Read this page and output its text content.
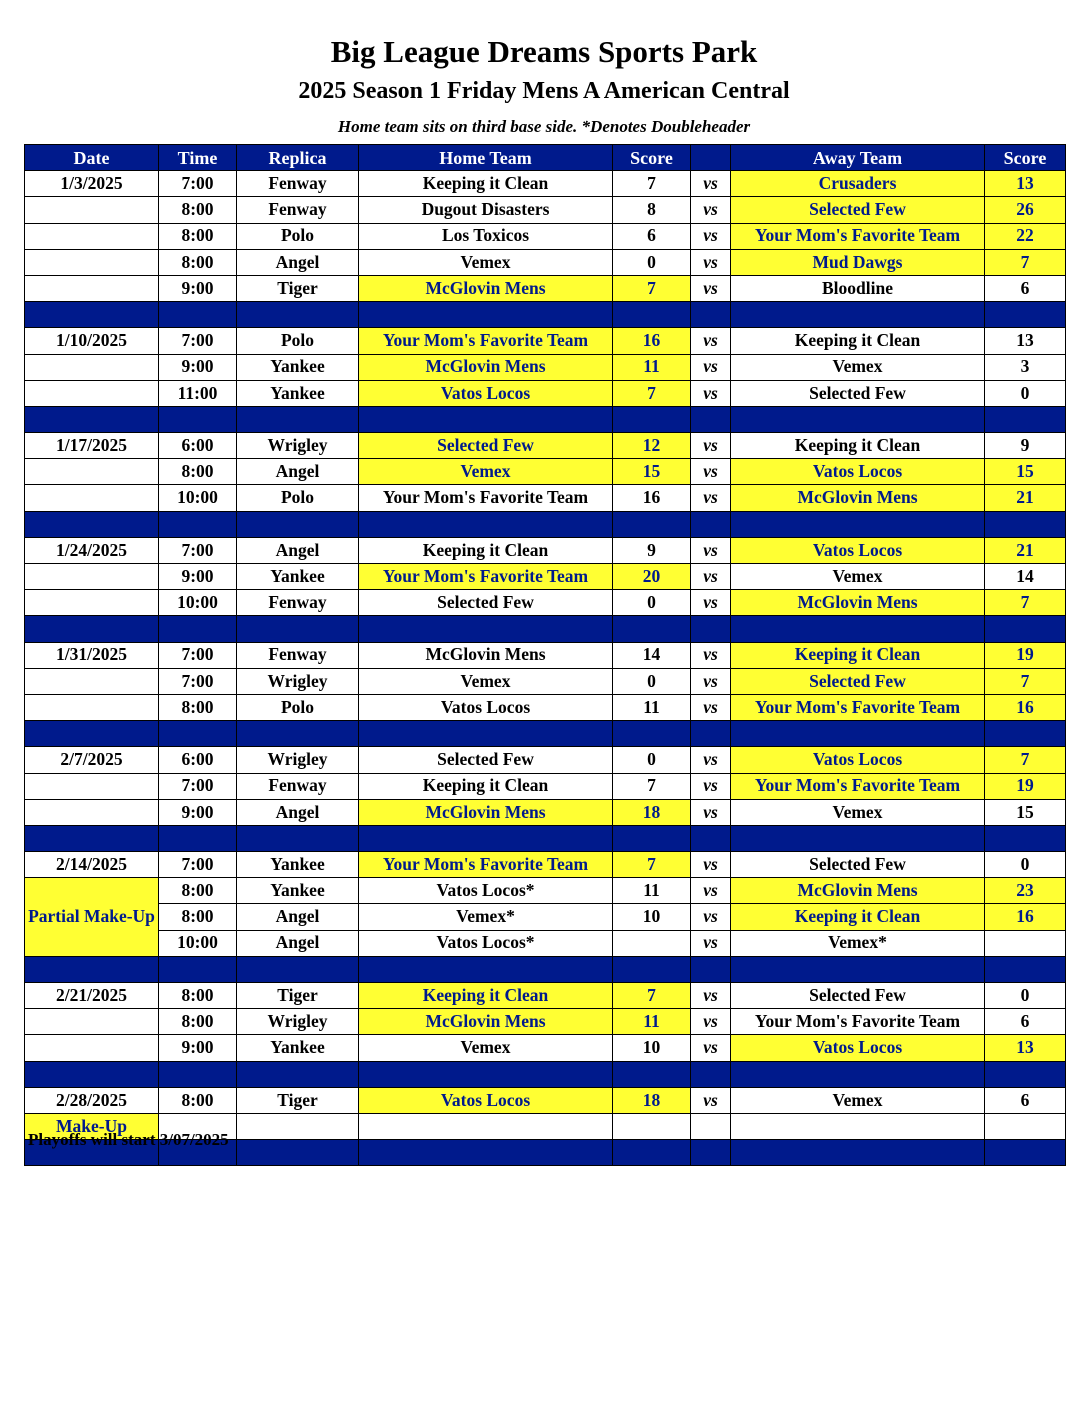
Big League Dreams Sports Park
2025 Season 1 Friday Mens A American Central
Home team sits on third base side. *Denotes Doubleheader
Date	Time	Replica	Home Team	Score		Away Team	Score
1/3/2025	7:00	Fenway	Keeping it Clean	7	vs	Crusaders	13
	8:00	Fenway	Dugout Disasters	8	vs	Selected Few	26
	8:00	Polo	Los Toxicos	6	vs	Your Mom's Favorite Team	22
	8:00	Angel	Vemex	0	vs	Mud Dawgs	7
	9:00	Tiger	McGlovin Mens	7	vs	Bloodline	6

1/10/2025	7:00	Polo	Your Mom's Favorite Team	16	vs	Keeping it Clean	13
	9:00	Yankee	McGlovin Mens	11	vs	Vemex	3
	11:00	Yankee	Vatos Locos	7	vs	Selected Few	0

1/17/2025	6:00	Wrigley	Selected Few	12	vs	Keeping it Clean	9
	8:00	Angel	Vemex	15	vs	Vatos Locos	15
	10:00	Polo	Your Mom's Favorite Team	16	vs	McGlovin Mens	21

1/24/2025	7:00	Angel	Keeping it Clean	9	vs	Vatos Locos	21
	9:00	Yankee	Your Mom's Favorite Team	20	vs	Vemex	14
	10:00	Fenway	Selected Few	0	vs	McGlovin Mens	7

1/31/2025	7:00	Fenway	McGlovin Mens	14	vs	Keeping it Clean	19
	7:00	Wrigley	Vemex	0	vs	Selected Few	7
	8:00	Polo	Vatos Locos	11	vs	Your Mom's Favorite Team	16

2/7/2025	6:00	Wrigley	Selected Few	0	vs	Vatos Locos	7
	7:00	Fenway	Keeping it Clean	7	vs	Your Mom's Favorite Team	19
	9:00	Angel	McGlovin Mens	18	vs	Vemex	15

2/14/2025	7:00	Yankee	Your Mom's Favorite Team	7	vs	Selected Few	0
Partial Make-Up	8:00	Yankee	Vatos Locos*	11	vs	McGlovin Mens	23
	8:00	Angel	Vemex*	10	vs	Keeping it Clean	16
	10:00	Angel	Vatos Locos*		vs	Vemex*	

2/21/2025	8:00	Tiger	Keeping it Clean	7	vs	Selected Few	0
	8:00	Wrigley	McGlovin Mens	11	vs	Your Mom's Favorite Team	6
	9:00	Yankee	Vemex	10	vs	Vatos Locos	13

2/28/2025	8:00	Tiger	Vatos Locos	18	vs	Vemex	6
Make-Up							

Playoffs will start 3/07/2025
